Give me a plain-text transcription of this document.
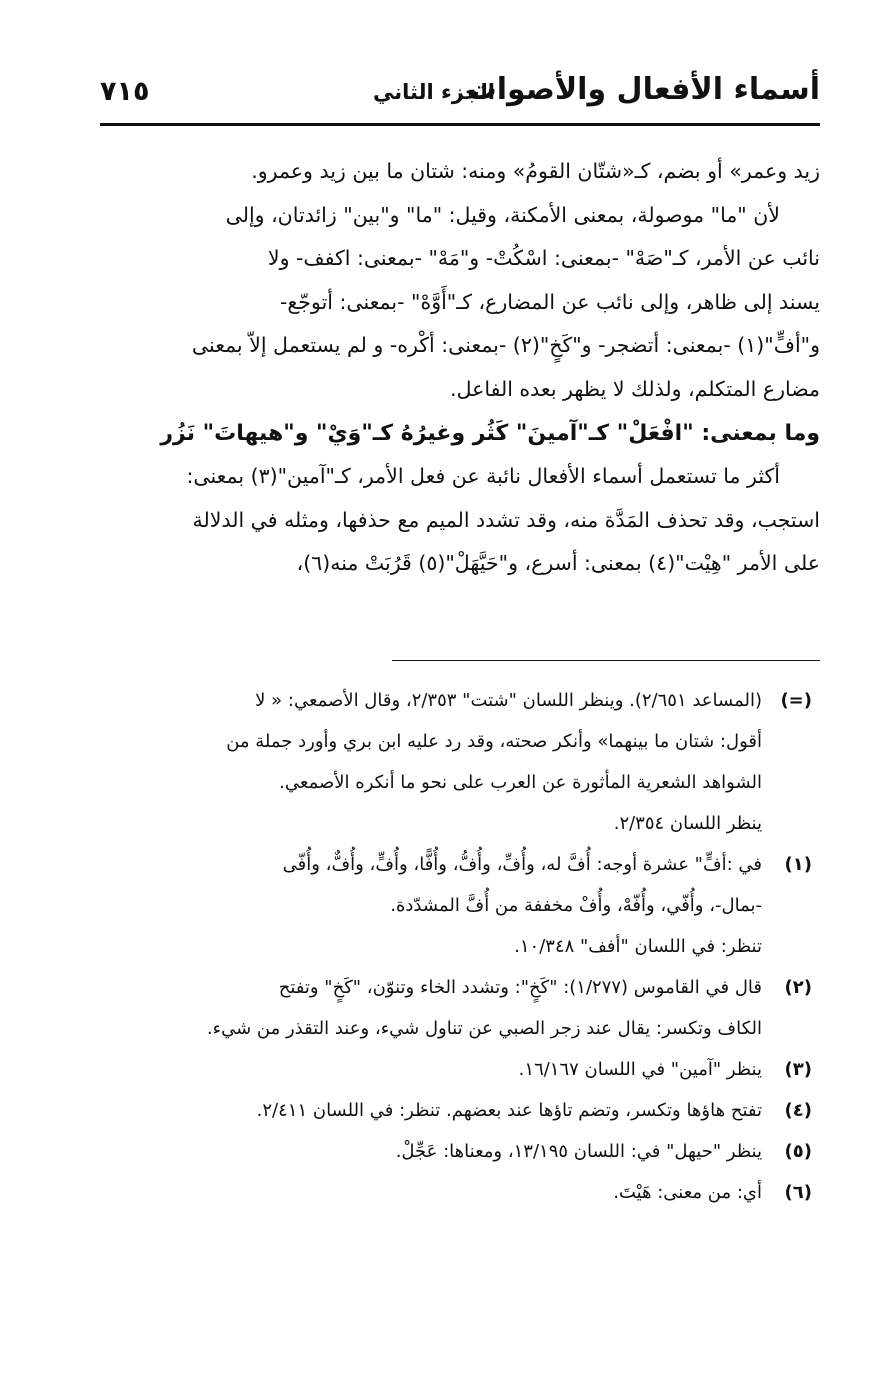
أسماء الأفعال والأصوات
الجزء الثاني
٧١٥
زيد وعمر» أو بضم، كـ«شتّان القومُ» ومنه: شتان ما بين زيد وعمرو.
لأن "ما" موصولة، بمعنى الأمكنة، وقيل: "ما" و"بين" زائدتان، وإلى
نائب عن الأمر، كـ"صَهْ" -بمعنى: اسْكُتْ- و"مَهْ" -بمعنى: اكفف- ولا
يسند إلى ظاهر، وإلى نائب عن المضارع، كـ"أَوَّهْ" -بمعنى: أتوجّع-
و"أفٍّ"(١) -بمعنى: أتضجر- و"كَخٍ"(٢) -بمعنى: أكْره- و لم يستعمل إلاّ بمعنى
مضارع المتكلم، ولذلك لا يظهر بعده الفاعل.
وما بمعنى: "افْعَلْ" كـ"آمينَ" كَثُر وغيرُهُ كـ"وَيْ" و"هيهاتَ" نَزُر
أكثر ما تستعمل أسماء الأفعال نائبة عن فعل الأمر، كـ"آمين"(٣) بمعنى:
استجب، وقد تحذف المَدَّة منه، وقد تشدد الميم مع حذفها، ومثله في الدلالة
على الأمر "هِيْت"(٤) بمعنى: أسرع، و"حَيَّهَلْ"(٥) قَرُبَتْ منه(٦)،
(=)
(المساعد ٢/٦٥١). وينظر اللسان "شتت" ٢/٣٥٣، وقال الأصمعي: « لا
أقول: شتان ما بينهما» وأنكر صحته، وقد رد عليه ابن بري وأورد جملة من
الشواهد الشعرية المأثورة عن العرب على نحو ما أنكره الأصمعي.
ينظر اللسان ٢/٣٥٤.
(١)
في :أفٍّ" عشرة أوجه: أُفَّ له، وأُفِّ، وأُفُّ، وأُفًّا، وأُفٍّ، وأُفٌّ، وأُفّى
-بمال-، وأُفّي، وأُفّهْ، وأُفْ مخففة من أُفَّ المشدّدة.
تنظر: في اللسان "أفف" ١٠/٣٤٨.
(٢)
قال في القاموس (١/٢٧٧): "كَخٍ": وتشدد الخاء وتنوّن، "كَخٍ" وتفتح
الكاف وتكسر: يقال عند زجر الصبي عن تناول شيء، وعند التقذر من شيء.
(٣)
ينظر "آمين" في اللسان ١٦/١٦٧.
(٤)
تفتح هاؤها وتكسر، وتضم تاؤها عند بعضهم. تنظر: في اللسان ٢/٤١١.
(٥)
ينظر "حيهل" في: اللسان ١٣/١٩٥، ومعناها: عَجِّلْ.
(٦)
أي: من معنى: هَيْتَ.
